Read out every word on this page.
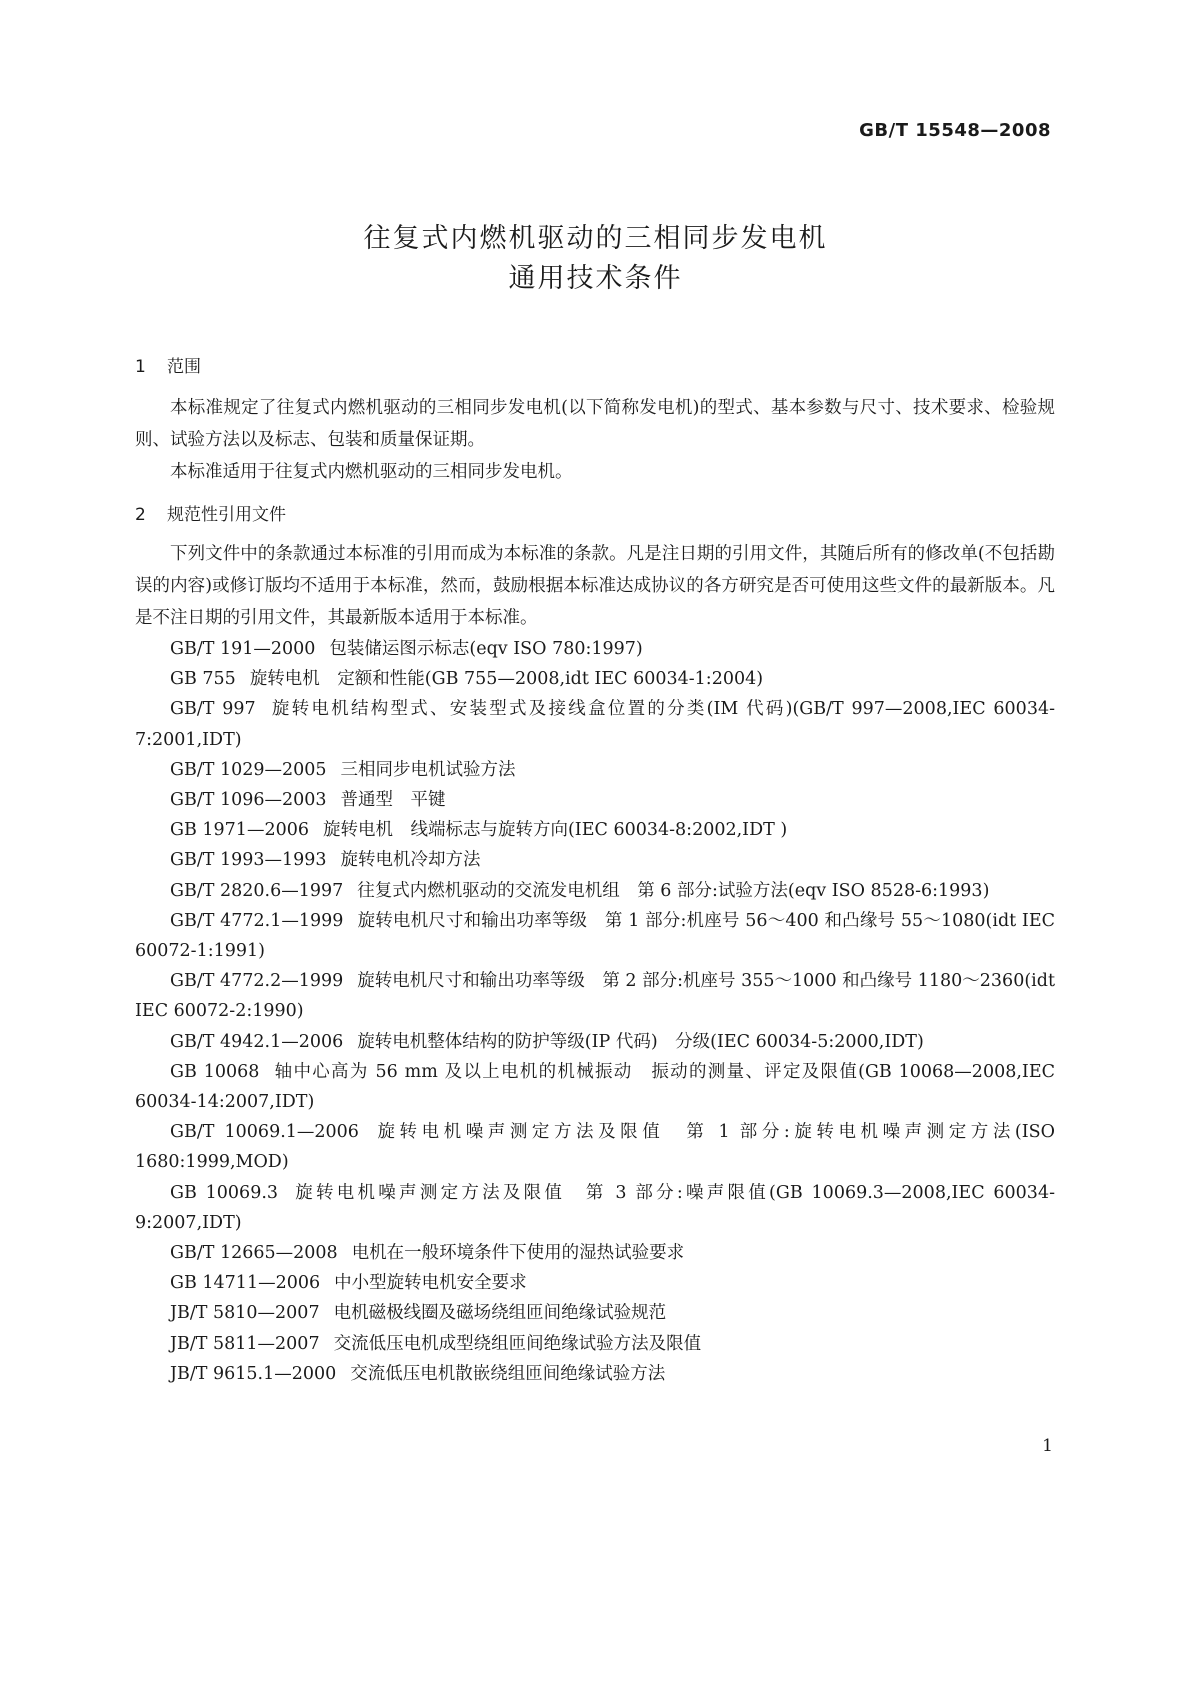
GB/T 15548—2008
往复式内燃机驱动的三相同步发电机
通用技术条件
1 范围

本标准规定了往复式内燃机驱动的三相同步发电机(以下简称发电机)的型式、基本参数与尺寸、技术要求、检验规则、试验方法以及标志、包装和质量保证期。

本标准适用于往复式内燃机驱动的三相同步发电机。

2 规范性引用文件

下列文件中的条款通过本标准的引用而成为本标准的条款。凡是注日期的引用文件，其随后所有的修改单(不包括勘误的内容)或修订版均不适用于本标准，然而，鼓励根据本标准达成协议的各方研究是否可使用这些文件的最新版本。凡是不注日期的引用文件，其最新版本适用于本标准。

GB/T 191—2000 包装储运图示标志(eqv ISO 780:1997)

GB 755 旋转电机　定额和性能(GB 755—2008,idt IEC 60034-1:2004)

GB/T 997 旋转电机结构型式、安装型式及接线盒位置的分类(IM 代码)(GB/T 997—2008,IEC 60034-7:2001,IDT)

GB/T 1029—2005 三相同步电机试验方法

GB/T 1096—2003 普通型　平键

GB 1971—2006 旋转电机　线端标志与旋转方向(IEC 60034-8:2002,IDT )

GB/T 1993—1993 旋转电机冷却方法

GB/T 2820.6—1997 往复式内燃机驱动的交流发电机组　第 6 部分:试验方法(eqv ISO 8528-6:1993)

GB/T 4772.1—1999 旋转电机尺寸和输出功率等级　第 1 部分:机座号 56～400 和凸缘号 55～1080(idt IEC 60072-1:1991)

GB/T 4772.2—1999 旋转电机尺寸和输出功率等级　第 2 部分:机座号 355～1000 和凸缘号 1180～2360(idt IEC 60072-2:1990)

GB/T 4942.1—2006 旋转电机整体结构的防护等级(IP 代码)　分级(IEC 60034-5:2000,IDT)

GB 10068 轴中心高为 56 mm 及以上电机的机械振动　振动的测量、评定及限值(GB 10068—2008,IEC 60034-14:2007,IDT)

GB/T 10069.1—2006 旋转电机噪声测定方法及限值　第 1 部分:旋转电机噪声测定方法(ISO 1680:1999,MOD)

GB 10069.3 旋转电机噪声测定方法及限值　第 3 部分:噪声限值(GB 10069.3—2008,IEC 60034-9:2007,IDT)

GB/T 12665—2008 电机在一般环境条件下使用的湿热试验要求

GB 14711—2006 中小型旋转电机安全要求

JB/T 5810—2007 电机磁极线圈及磁场绕组匝间绝缘试验规范

JB/T 5811—2007 交流低压电机成型绕组匝间绝缘试验方法及限值

JB/T 9615.1—2000 交流低压电机散嵌绕组匝间绝缘试验方法

1
